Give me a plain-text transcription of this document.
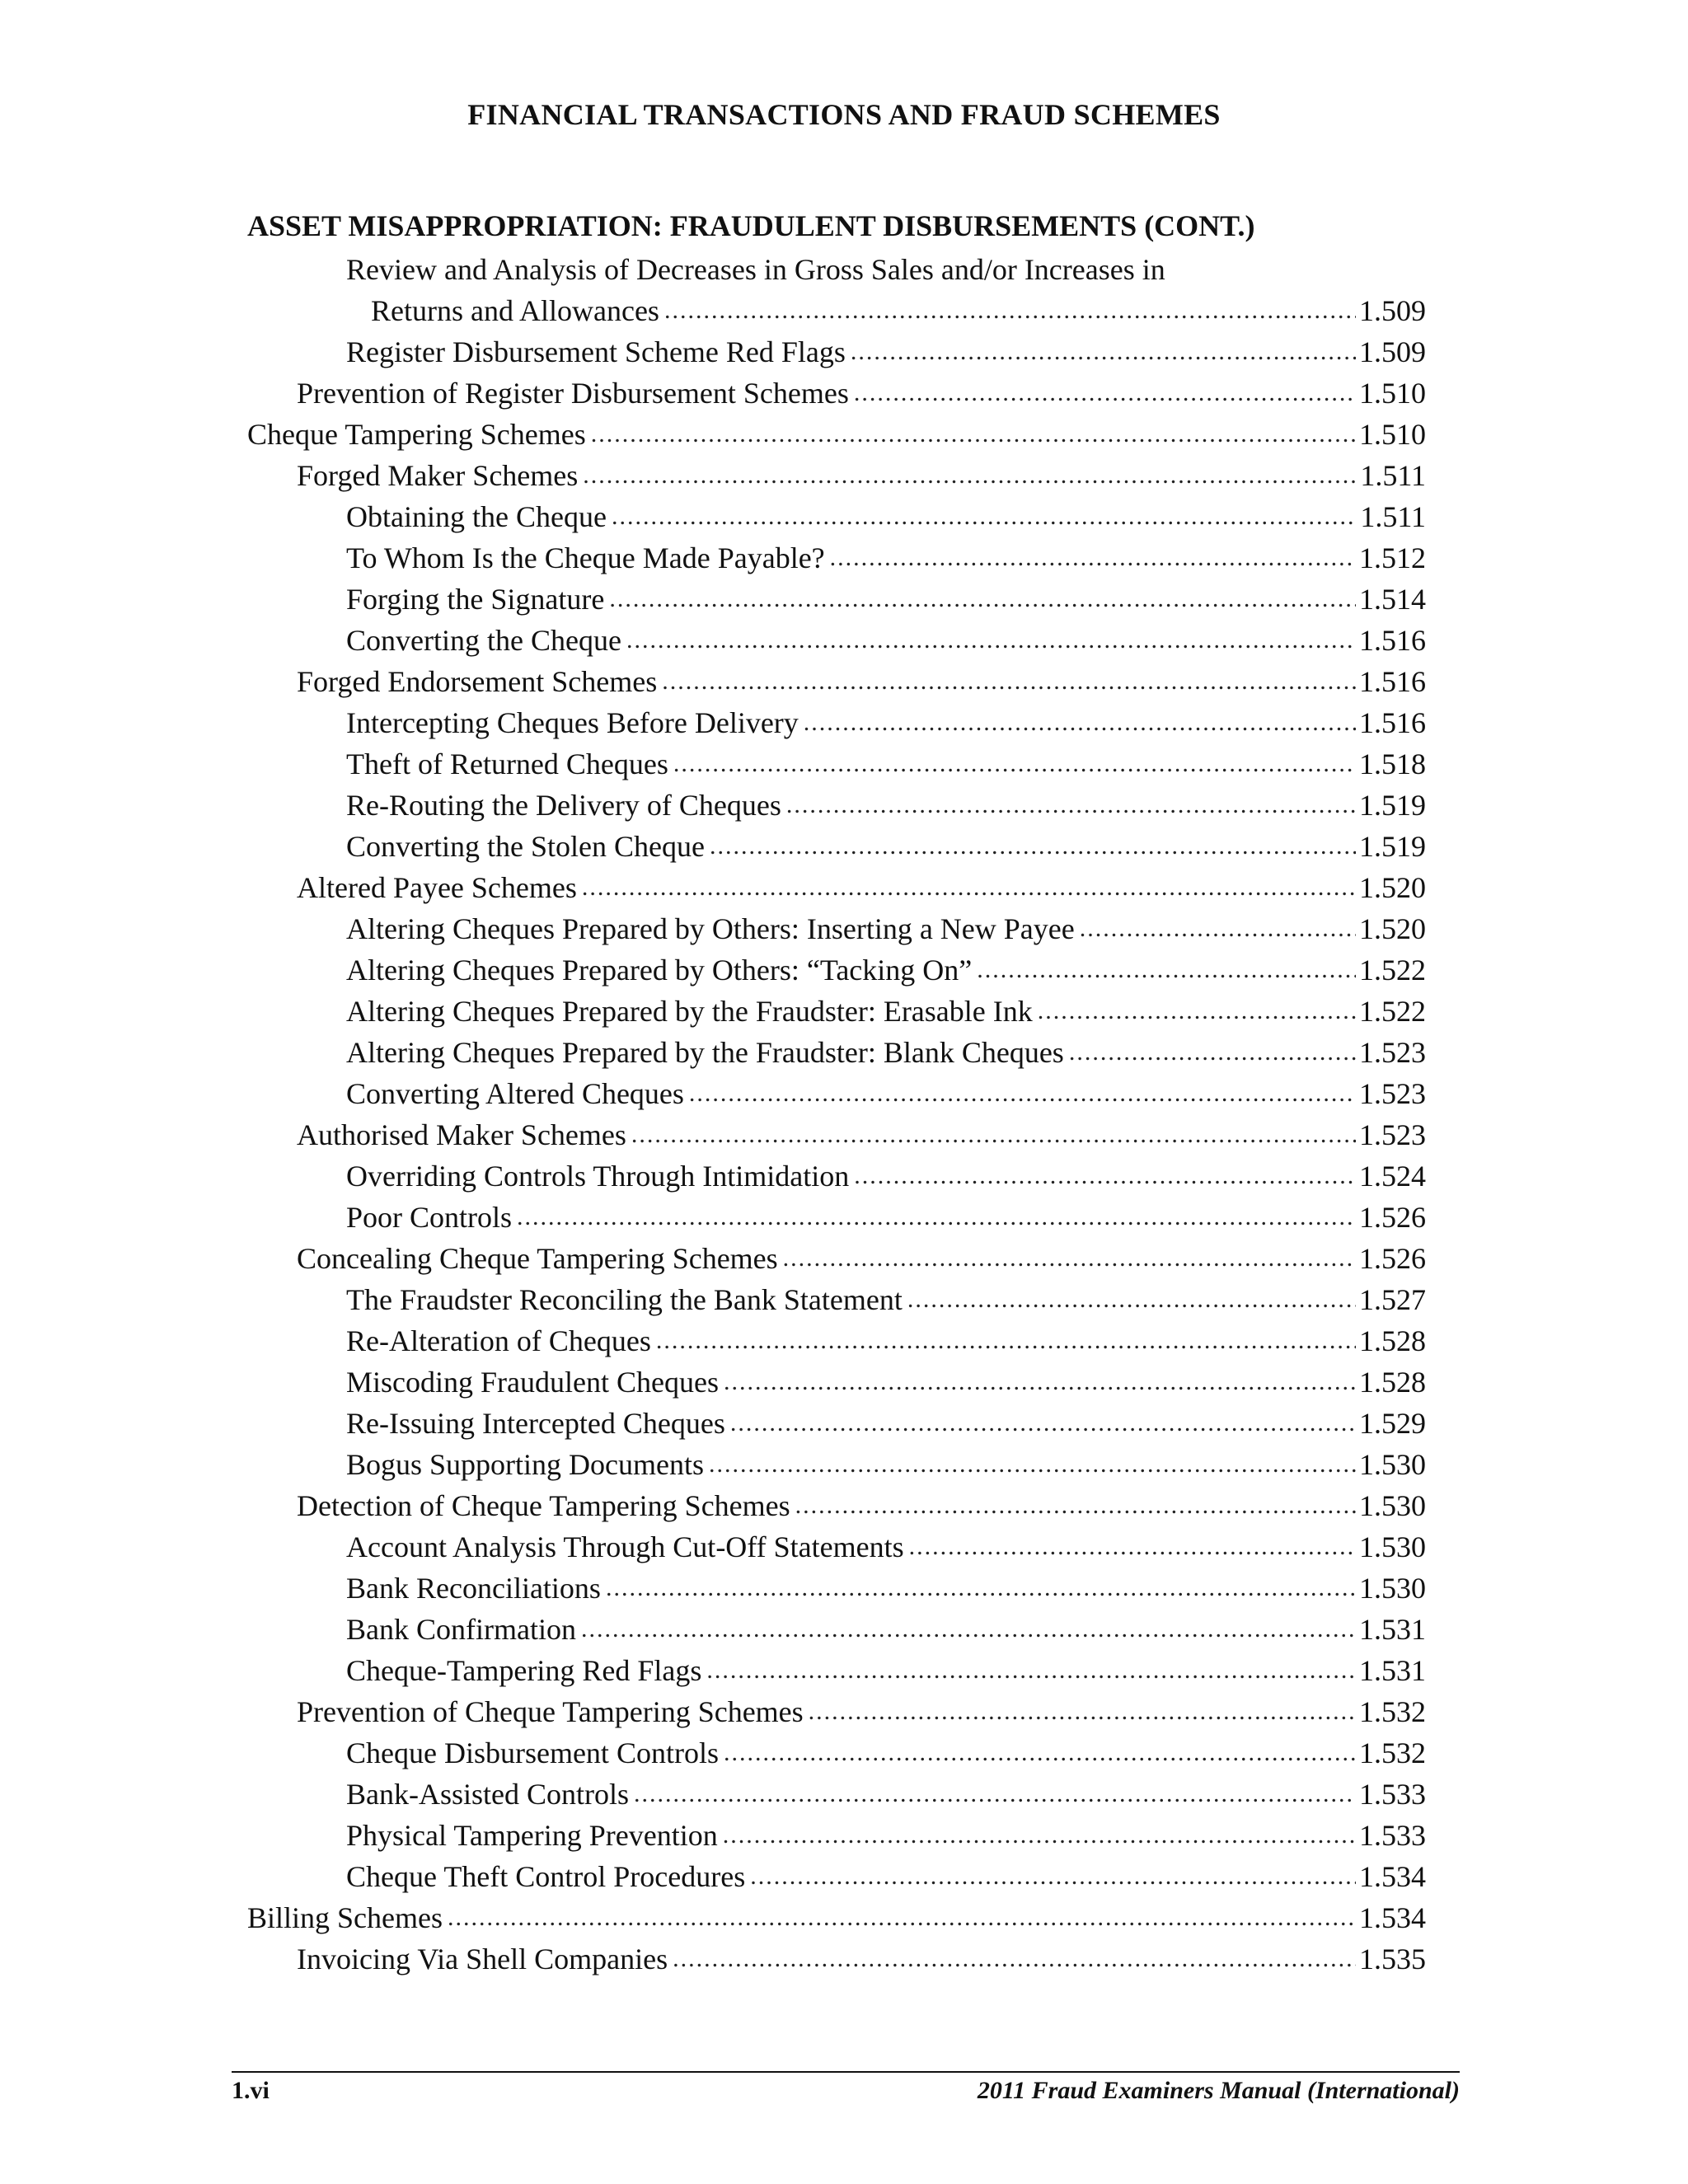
FINANCIAL TRANSACTIONS AND FRAUD SCHEMES
ASSET MISAPPROPRIATION: FRAUDULENT DISBURSEMENTS (CONT.)
Review and Analysis of Decreases in Gross Sales and/or Increases in
Returns and Allowances .....	1.509
Register Disbursement Scheme Red Flags .....	1.509
Prevention of Register Disbursement Schemes .....	1.510
Cheque Tampering Schemes .....	1.510
Forged Maker Schemes .....	1.511
Obtaining the Cheque .....	1.511
To Whom Is the Cheque Made Payable? .....	1.512
Forging the Signature .....	1.514
Converting the Cheque .....	1.516
Forged Endorsement Schemes .....	1.516
Intercepting Cheques Before Delivery .....	1.516
Theft of Returned Cheques .....	1.518
Re-Routing the Delivery of Cheques .....	1.519
Converting the Stolen Cheque .....	1.519
Altered Payee Schemes .....	1.520
Altering Cheques Prepared by Others: Inserting a New Payee .....	1.520
Altering Cheques Prepared by Others: “Tacking On” .....	1.522
Altering Cheques Prepared by the Fraudster: Erasable Ink .....	1.522
Altering Cheques Prepared by the Fraudster: Blank Cheques .....	1.523
Converting Altered Cheques .....	1.523
Authorised Maker Schemes .....	1.523
Overriding Controls Through Intimidation .....	1.524
Poor Controls .....	1.526
Concealing Cheque Tampering Schemes .....	1.526
The Fraudster Reconciling the Bank Statement .....	1.527
Re-Alteration of Cheques .....	1.528
Miscoding Fraudulent Cheques .....	1.528
Re-Issuing Intercepted Cheques .....	1.529
Bogus Supporting Documents .....	1.530
Detection of Cheque Tampering Schemes .....	1.530
Account Analysis Through Cut-Off Statements .....	1.530
Bank Reconciliations .....	1.530
Bank Confirmation .....	1.531
Cheque-Tampering Red Flags .....	1.531
Prevention of Cheque Tampering Schemes .....	1.532
Cheque Disbursement Controls .....	1.532
Bank-Assisted Controls .....	1.533
Physical Tampering Prevention .....	1.533
Cheque Theft Control Procedures .....	1.534
Billing Schemes .....	1.534
Invoicing Via Shell Companies .....	1.535
1.vi	2011 Fraud Examiners Manual (International)
